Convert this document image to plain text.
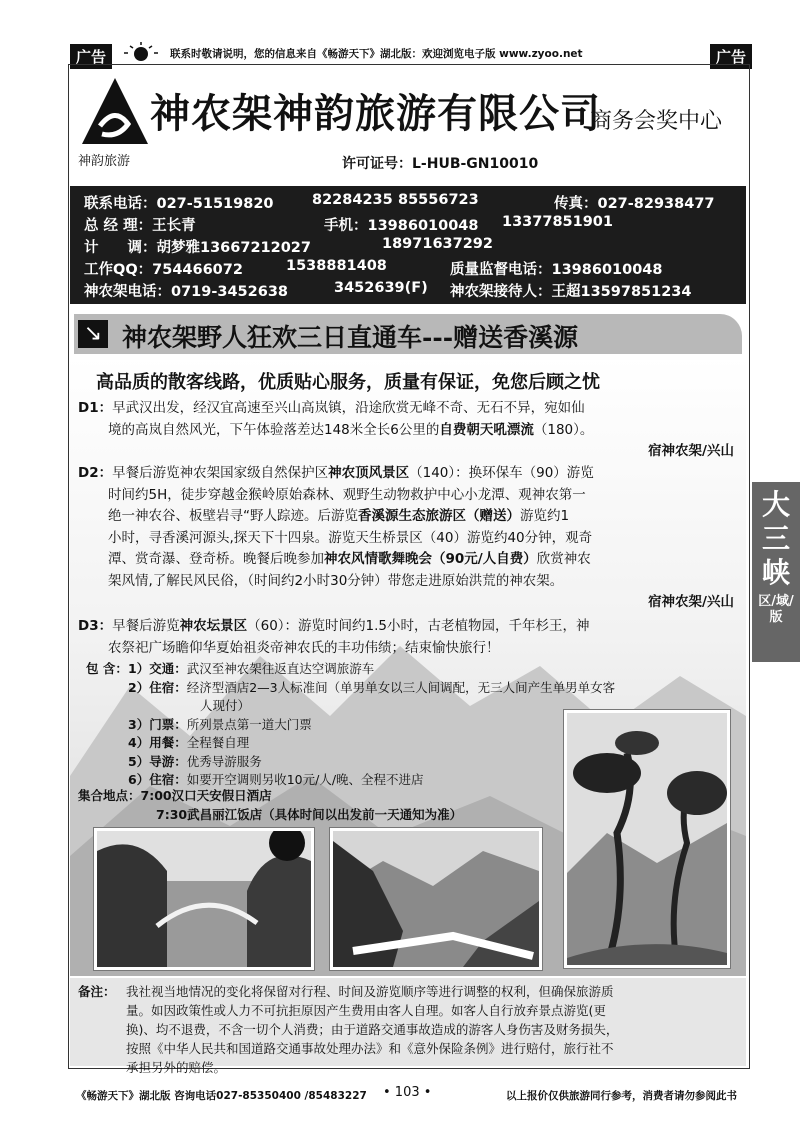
广告	广告
联系时敬请说明，您的信息来自《畅游天下》湖北版：欢迎浏览电子版 www.zyoo.net
神韵旅游
神农架神韵旅游有限公司
商务会奖中心
许可证号：L-HUB-GN10010
联系电话：027-51519820	82284235 85556723	传真：027-82938477
总 经 理：王长青	手机：13986010048 13377851901
计　　调：胡梦雅13667212027	18971637292
工作QQ：754466072	1538881408	质量监督电话：13986010048
神农架电话：0719-3452638	3452639(F) 神农架接待人：王超13597851234
↘ 神农架野人狂欢三日直通车---赠送香溪源
高品质的散客线路，优质贴心服务，质量有保证，免您后顾之忧
D1：早武汉出发，经汉宜高速至兴山高岚镇，沿途欣赏无峰不奇、无石不异，宛如仙
境的高岚自然风光，下午体验落差达148米全长6公里的自费朝天吼漂流（180）。
宿神农架/兴山
D2：早餐后游览神农架国家级自然保护区神农顶风景区（140）：换环保车（90）游览
时间约5H，徒步穿越金猴岭原始森林、观野生动物救护中心小龙潭、观神农第一
绝一神农谷、板壁岩寻“野人踪迹。后游览香溪源生态旅游区（赠送）游览约1
小时，寻香溪河源头,探天下十四泉。游览天生桥景区（40）游览约40分钟，观奇
潭、赏奇瀑、登奇桥。晚餐后晚参加神农风情歌舞晚会（90元/人自费）欣赏神农
架风情,了解民风民俗，（时间约2小时30分钟）带您走进原始洪荒的神农架。
宿神农架/兴山
D3：早餐后游览神农坛景区（60）：游览时间约1.5小时，古老植物园，千年杉王，神
农祭祀广场瞻仰华夏始祖炎帝神农氏的丰功伟绩；结束愉快旅行！
包 含： 1）交通：武汉至神农架往返直达空调旅游车
2）住宿：经济型酒店2—3人标准间（单男单女以三人间调配，无三人间产生单男单女客
人现付）
3）门票：所列景点第一道大门票
4）用餐：全程餐自理
5）导游：优秀导游服务
6）住宿：如要开空调则另收10元/人/晚、全程不进店
集合地点：7:00汉口天安假日酒店
7:30武昌丽江饭店（具体时间以出发前一天通知为准）
大三峡
区/域/版
备注： 我社视当地情况的变化将保留对行程、时间及游览顺序等进行调整的权利，但确保旅游质
量。如因政策性或人力不可抗拒原因产生费用由客人自理。如客人自行放弃景点游览(更
换)、均不退费，不含一切个人消费；由于道路交通事故造成的游客人身伤害及财务损失，
按照《中华人民共和国道路交通事故处理办法》和《意外保险条例》进行赔付，旅行社不
承担另外的赔偿。
《畅游天下》湖北版 咨询电话027-85350400 /85483227 • 103 •	以上报价仅供旅游同行参考，消费者请勿参阅此书
